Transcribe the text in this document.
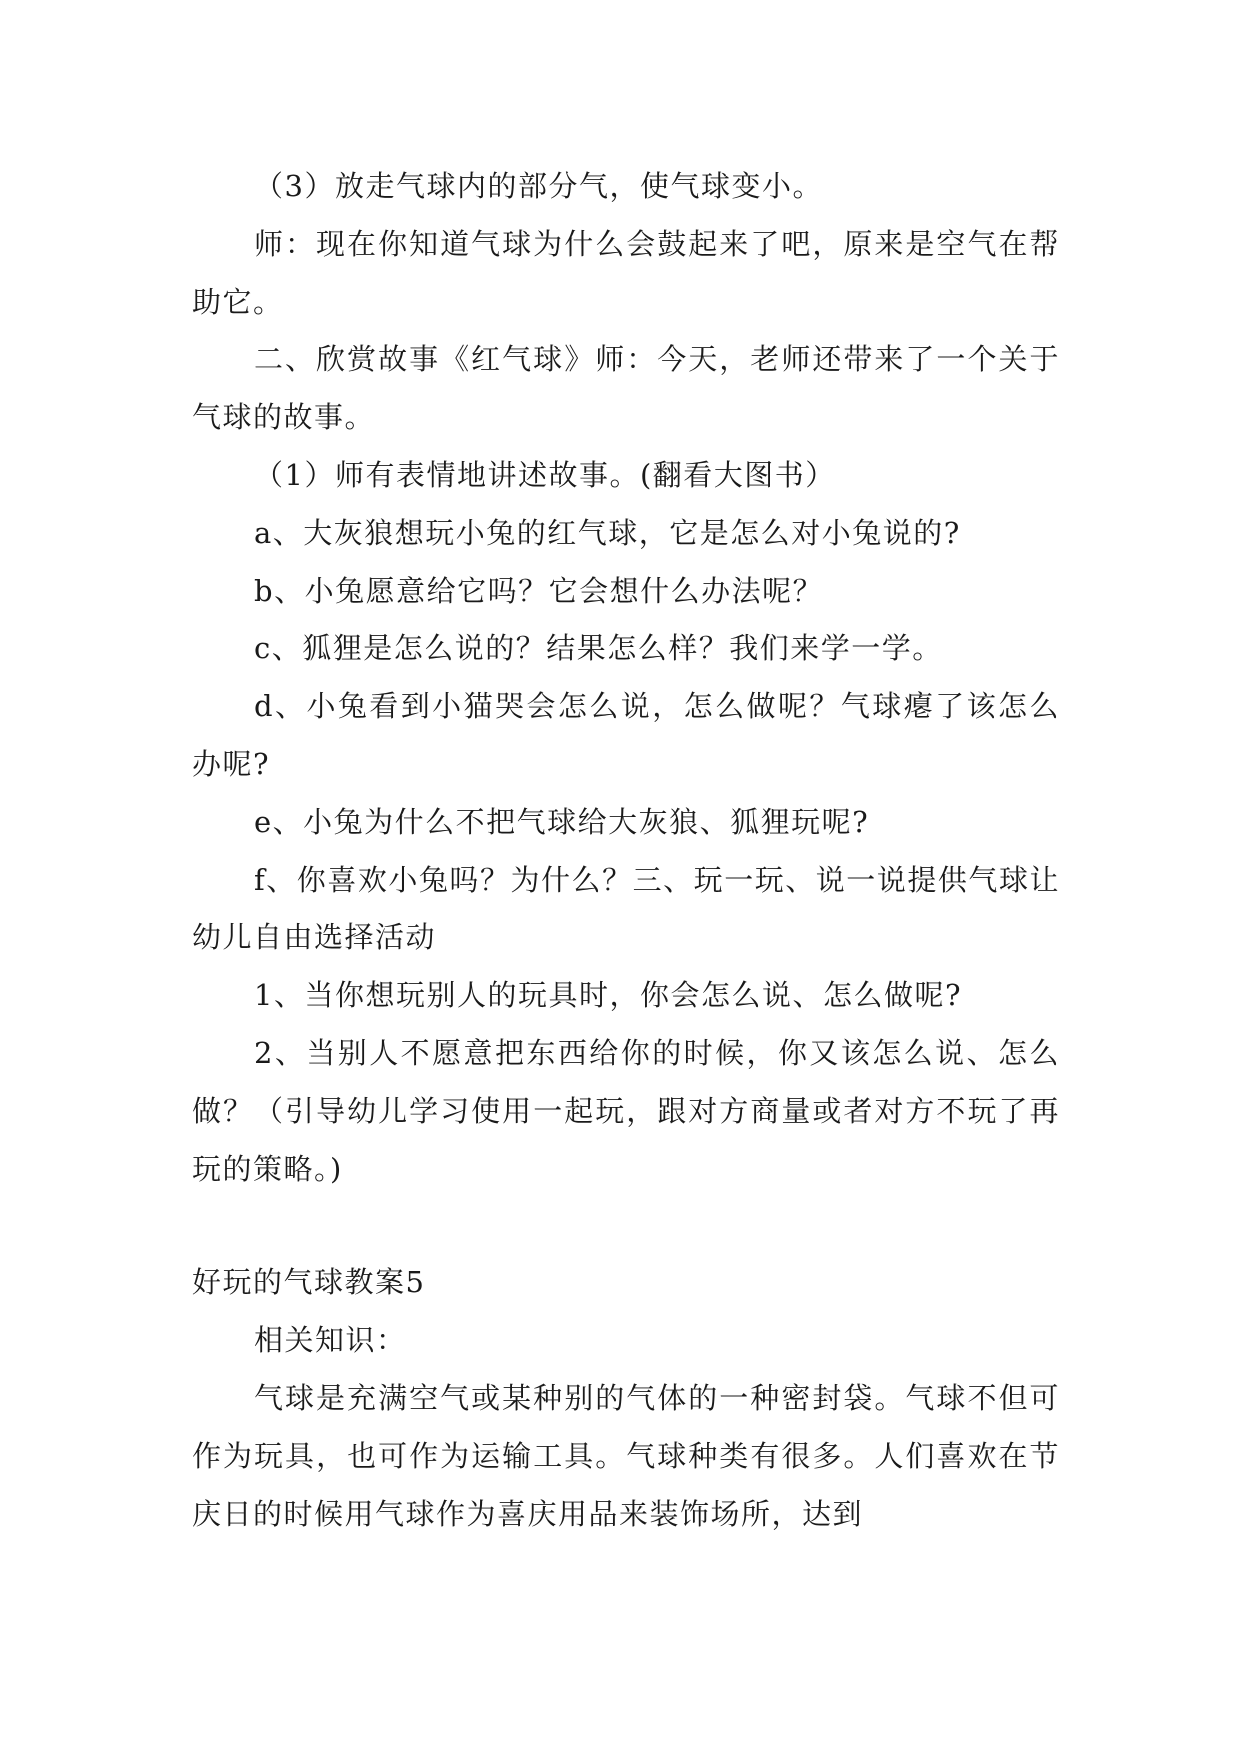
（3）放走气球内的部分气，使气球变小。

师：现在你知道气球为什么会鼓起来了吧，原来是空气在帮助它。

二、欣赏故事《红气球》师：今天，老师还带来了一个关于气球的故事。

（1）师有表情地讲述故事。(翻看大图书）

a、大灰狼想玩小兔的红气球，它是怎么对小兔说的?

b、小兔愿意给它吗？它会想什么办法呢？

c、狐狸是怎么说的？结果怎么样？我们来学一学。

d、小兔看到小猫哭会怎么说，怎么做呢？气球瘪了该怎么办呢?

e、小兔为什么不把气球给大灰狼、狐狸玩呢?

f、你喜欢小兔吗？为什么？三、玩一玩、说一说提供气球让幼儿自由选择活动

1、当你想玩别人的玩具时，你会怎么说、怎么做呢?

2、当别人不愿意把东西给你的时候，你又该怎么说、怎么做？（引导幼儿学习使用一起玩，跟对方商量或者对方不玩了再玩的策略。)

好玩的气球教案5

相关知识：

气球是充满空气或某种别的气体的一种密封袋。气球不但可作为玩具，也可作为运输工具。气球种类有很多。人们喜欢在节庆日的时候用气球作为喜庆用品来装饰场所，达到
